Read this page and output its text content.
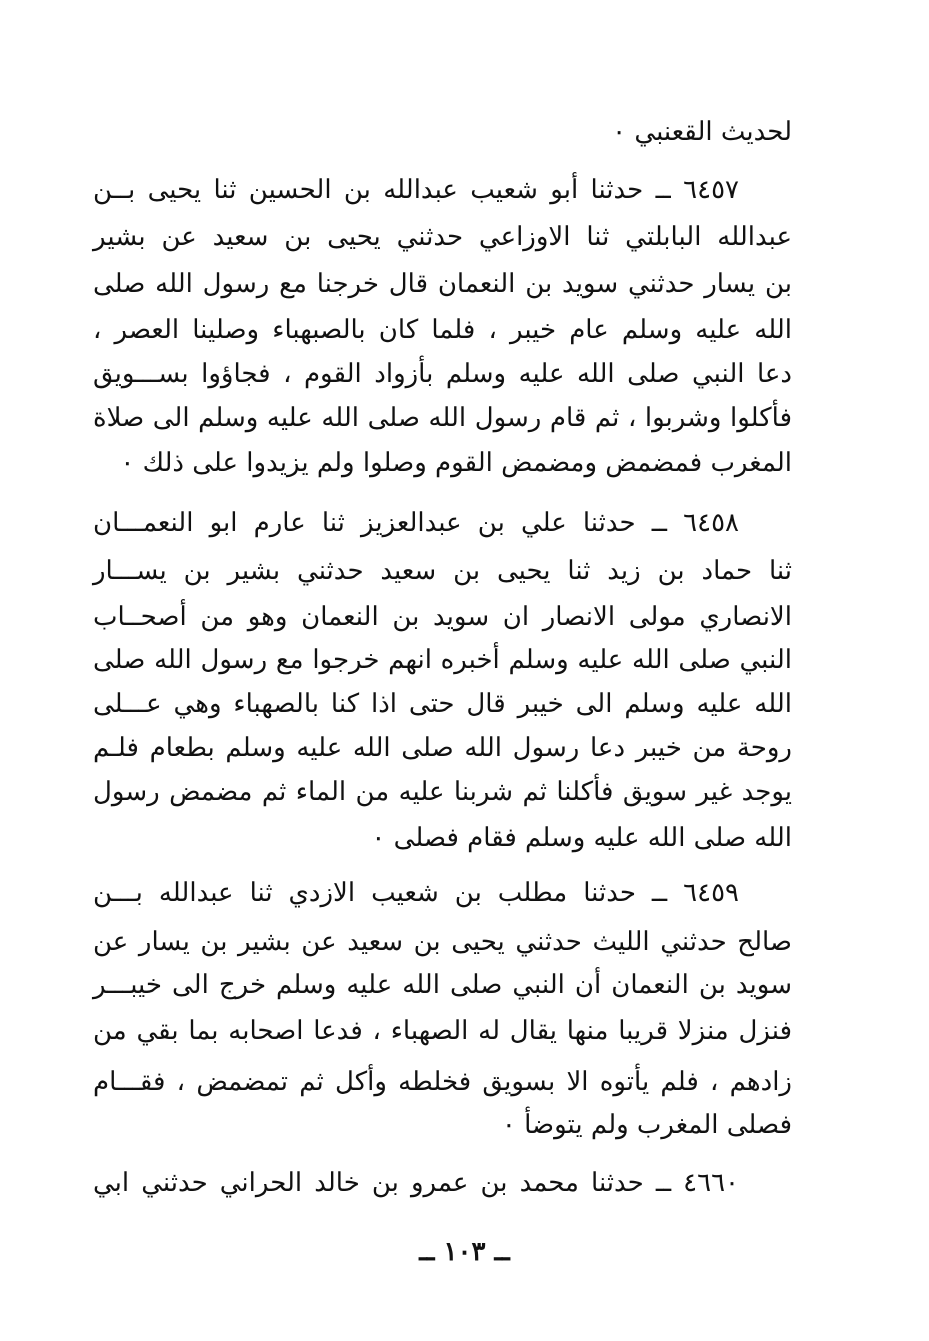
لحديث القعنبي ٠
٦٤٥٧ ــ حدثنا أبو شعيب عبدالله بن الحسين ثنا يحيى بــن
عبدالله البابلتي ثنا الاوزاعي حدثني يحيى بن سعيد عن بشير
بن يسار حدثني سويد بن النعمان قال خرجنا مع رسول الله صلى
الله عليه وسلم عام خيبر ، فلما كان بالصبهباء وصلينا العصر ،
دعا النبي صلى الله عليه وسلم بأزواد القوم ، فجاؤوا بســـويق
فأكلوا وشربوا ، ثم قام رسول الله صلى الله عليه وسلم الى صلاة
المغرب فمضمض ومضمض القوم وصلوا ولم يزيدوا على ذلك ٠
٦٤٥٨ ــ حدثنا علي بن عبدالعزيز ثنا عارم ابو النعمـــان
ثنا حماد بن زيد ثنا يحيى بن سعيد حدثني بشير بن يســـار
الانصاري مولى الانصار ان سويد بن النعمان وهو من أصحــاب
النبي صلى الله عليه وسلم أخبره انهم خرجوا مع رسول الله صلى
الله عليه وسلم الى خيبر قال حتى اذا كنا بالصهباء وهي عـــلى
روحة من خيبر دعا رسول الله صلى الله عليه وسلم بطعام فلـم
يوجد غير سويق فأكلنا ثم شربنا عليه من الماء ثم مضمض رسول
الله صلى الله عليه وسلم فقام فصلى ٠
٦٤٥٩ ــ حدثنا مطلب بن شعيب الازدي ثنا عبدالله بـــن
صالح حدثني الليث حدثني يحيى بن سعيد عن بشير بن يسار عن
سويد بن النعمان أن النبي صلى الله عليه وسلم خرج الى خيبـــر
فنزل منزلا قريبا منها يقال له الصهباء ، فدعا اصحابه بما بقي من
زادهم ، فلم يأتوه الا بسويق فخلطه وأكل ثم تمضمض ، فقـــام
فصلى المغرب ولم يتوضأ ٠
٤٦٦٠ ــ حدثنا محمد بن عمرو بن خالد الحراني حدثني ابي
ــ ١٠٣ ــ
